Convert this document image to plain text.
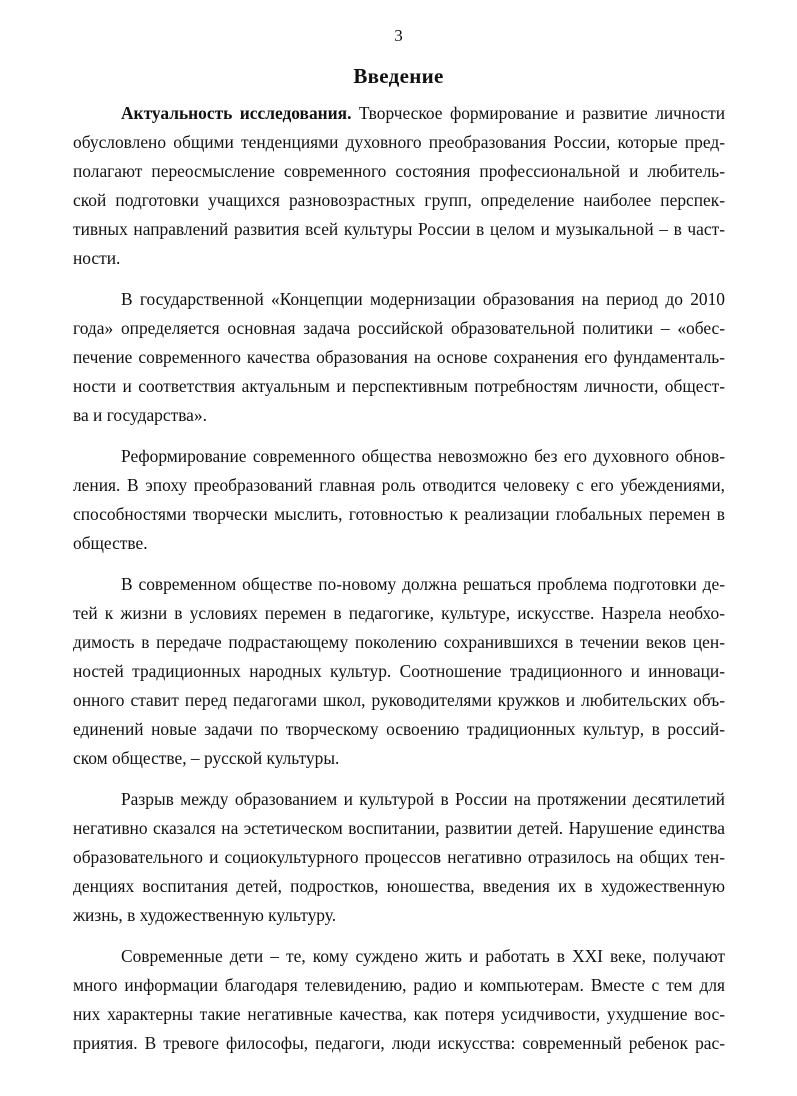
3
Введение
Актуальность исследования. Творческое формирование и развитие личности
обусловлено общими тенденциями духовного преобразования России, которые пред-
полагают переосмысление современного состояния профессиональной и любитель-
ской подготовки учащихся разновозрастных групп, определение наиболее перспек-
тивных направлений развития всей культуры России в целом и музыкальной – в част-
ности.
В государственной «Концепции модернизации образования на период до 2010
года» определяется основная задача российской образовательной политики – «обес-
печение современного качества образования на основе сохранения его фундаменталь-
ности и соответствия актуальным и перспективным потребностям личности, общест-
ва и государства».
Реформирование современного общества невозможно без его духовного обнов-
ления. В эпоху преобразований главная роль отводится человеку с его убеждениями,
способностями творчески мыслить, готовностью к реализации глобальных перемен в
обществе.
В современном обществе по-новому должна решаться проблема подготовки де-
тей к жизни в условиях перемен в педагогике, культуре, искусстве. Назрела необхо-
димость в передаче подрастающему поколению сохранившихся в течении веков цен-
ностей традиционных народных культур. Соотношение традиционного и инноваци-
онного ставит перед педагогами школ, руководителями кружков и любительских объ-
единений новые задачи по творческому освоению традиционных культур, в россий-
ском обществе, – русской культуры.
Разрыв между образованием и культурой в России на протяжении десятилетий
негативно сказался на эстетическом воспитании, развитии детей. Нарушение единства
образовательного и социокультурного процессов негативно отразилось на общих тен-
денциях воспитания детей, подростков, юношества, введения их в художественную
жизнь, в художественную культуру.
Современные дети – те, кому суждено жить и работать в XXI веке, получают
много информации благодаря телевидению, радио и компьютерам. Вместе с тем для
них характерны такие негативные качества, как потеря усидчивости, ухудшение вос-
приятия. В тревоге философы, педагоги, люди искусства: современный ребенок рас-
